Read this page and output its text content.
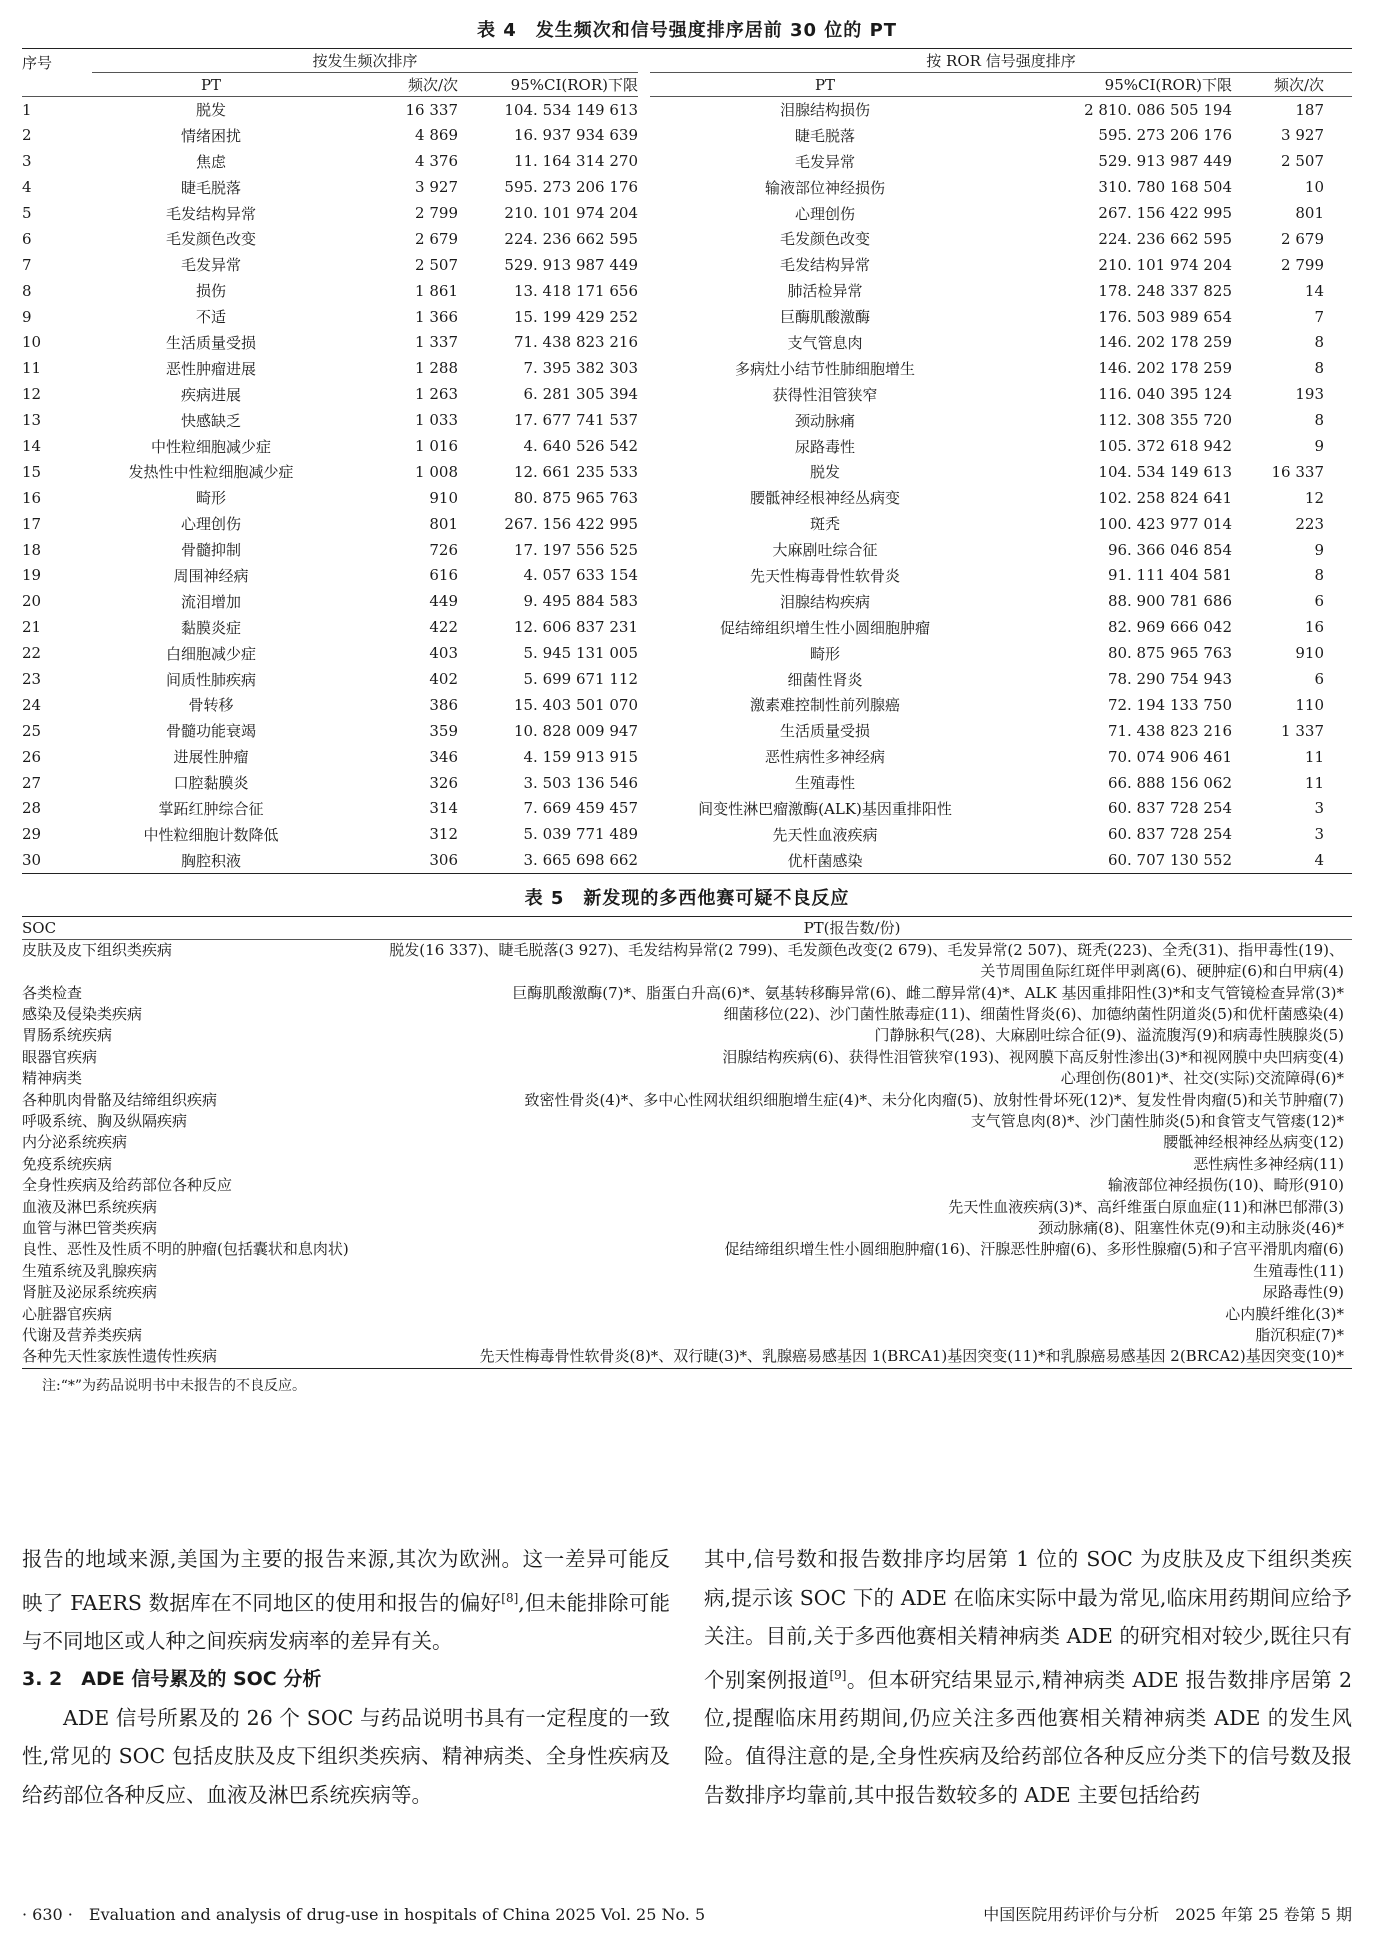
表 4　发生频次和信号强度排序居前 30 位的 PT
序号	按发生频次排序				按 ROR 信号强度排序		
	PT	频次/次	95%CI(ROR)下限		PT	95%CI(ROR)下限	频次/次
1	脱发	16 337	104. 534 149 613		泪腺结构损伤	2 810. 086 505 194	187
2	情绪困扰	4 869	16. 937 934 639		睫毛脱落	595. 273 206 176	3 927
3	焦虑	4 376	11. 164 314 270		毛发异常	529. 913 987 449	2 507
4	睫毛脱落	3 927	595. 273 206 176		输液部位神经损伤	310. 780 168 504	10
5	毛发结构异常	2 799	210. 101 974 204		心理创伤	267. 156 422 995	801
6	毛发颜色改变	2 679	224. 236 662 595		毛发颜色改变	224. 236 662 595	2 679
7	毛发异常	2 507	529. 913 987 449		毛发结构异常	210. 101 974 204	2 799
8	损伤	1 861	13. 418 171 656		肺活检异常	178. 248 337 825	14
9	不适	1 366	15. 199 429 252		巨酶肌酸激酶	176. 503 989 654	7
10	生活质量受损	1 337	71. 438 823 216		支气管息肉	146. 202 178 259	8
11	恶性肿瘤进展	1 288	7. 395 382 303		多病灶小结节性肺细胞增生	146. 202 178 259	8
12	疾病进展	1 263	6. 281 305 394		获得性泪管狭窄	116. 040 395 124	193
13	快感缺乏	1 033	17. 677 741 537		颈动脉痛	112. 308 355 720	8
14	中性粒细胞减少症	1 016	4. 640 526 542		尿路毒性	105. 372 618 942	9
15	发热性中性粒细胞减少症	1 008	12. 661 235 533		脱发	104. 534 149 613	16 337
16	畸形	910	80. 875 965 763		腰骶神经根神经丛病变	102. 258 824 641	12
17	心理创伤	801	267. 156 422 995		斑秃	100. 423 977 014	223
18	骨髓抑制	726	17. 197 556 525		大麻剧吐综合征	96. 366 046 854	9
19	周围神经病	616	4. 057 633 154		先天性梅毒骨性软骨炎	91. 111 404 581	8
20	流泪增加	449	9. 495 884 583		泪腺结构疾病	88. 900 781 686	6
21	黏膜炎症	422	12. 606 837 231		促结缔组织增生性小圆细胞肿瘤	82. 969 666 042	16
22	白细胞减少症	403	5. 945 131 005		畸形	80. 875 965 763	910
23	间质性肺疾病	402	5. 699 671 112		细菌性肾炎	78. 290 754 943	6
24	骨转移	386	15. 403 501 070		激素难控制性前列腺癌	72. 194 133 750	110
25	骨髓功能衰竭	359	10. 828 009 947		生活质量受损	71. 438 823 216	1 337
26	进展性肿瘤	346	4. 159 913 915		恶性病性多神经病	70. 074 906 461	11
27	口腔黏膜炎	326	3. 503 136 546		生殖毒性	66. 888 156 062	11
28	掌跖红肿综合征	314	7. 669 459 457		间变性淋巴瘤激酶(ALK)基因重排阳性	60. 837 728 254	3
29	中性粒细胞计数降低	312	5. 039 771 489		先天性血液疾病	60. 837 728 254	3
30	胸腔积液	306	3. 665 698 662		优杆菌感染	60. 707 130 552	4
表 5　新发现的多西他赛可疑不良反应
SOC	PT(报告数/份)
皮肤及皮下组织类疾病	脱发(16 337)、睫毛脱落(3 927)、毛发结构异常(2 799)、毛发颜色改变(2 679)、毛发异常(2 507)、斑秃(223)、全秃(31)、指甲毒性(19)、
关节周围鱼际红斑伴甲剥离(6)、硬肿症(6)和白甲病(4)

各类检查	巨酶肌酸激酶(7)*、脂蛋白升高(6)*、氨基转移酶异常(6)、雌二醇异常(4)*、ALK 基因重排阳性(3)*和支气管镜检查异常(3)*

感染及侵染类疾病	细菌移位(22)、沙门菌性脓毒症(11)、细菌性肾炎(6)、加德纳菌性阴道炎(5)和优杆菌感染(4)

胃肠系统疾病	门静脉积气(28)、大麻剧吐综合征(9)、溢流腹泻(9)和病毒性胰腺炎(5)

眼器官疾病	泪腺结构疾病(6)、获得性泪管狭窄(193)、视网膜下高反射性渗出(3)*和视网膜中央凹病变(4)

精神病类	心理创伤(801)*、社交(实际)交流障碍(6)*

各种肌肉骨骼及结缔组织疾病	致密性骨炎(4)*、多中心性网状组织细胞增生症(4)*、未分化肉瘤(5)、放射性骨坏死(12)*、复发性骨肉瘤(5)和关节肿瘤(7)

呼吸系统、胸及纵隔疾病	支气管息肉(8)*、沙门菌性肺炎(5)和食管支气管瘘(12)*

内分泌系统疾病	腰骶神经根神经丛病变(12)

免疫系统疾病	恶性病性多神经病(11)

全身性疾病及给药部位各种反应	输液部位神经损伤(10)、畸形(910)

血液及淋巴系统疾病	先天性血液疾病(3)*、高纤维蛋白原血症(11)和淋巴郁滞(3)

血管与淋巴管类疾病	颈动脉痛(8)、阻塞性休克(9)和主动脉炎(46)*

良性、恶性及性质不明的肿瘤(包括囊状和息肉状)	促结缔组织增生性小圆细胞肿瘤(16)、汗腺恶性肿瘤(6)、多形性腺瘤(5)和子宫平滑肌肉瘤(6)

生殖系统及乳腺疾病	生殖毒性(11)

肾脏及泌尿系统疾病	尿路毒性(9)

心脏器官疾病	心内膜纤维化(3)*

代谢及营养类疾病	脂沉积症(7)*

各种先天性家族性遗传性疾病	先天性梅毒骨性软骨炎(8)*、双行睫(3)*、乳腺癌易感基因 1(BRCA1)基因突变(11)*和乳腺癌易感基因 2(BRCA2)基因突变(10)*
注:“*”为药品说明书中未报告的不良反应。

报告的地域来源,美国为主要的报告来源,其次为欧洲。这一差异可能反映了 FAERS 数据库在不同地区的使用和报告的偏好[8],但未能排除可能与不同地区或人种之间疾病发病率的差异有关。

3. 2　ADE 信号累及的 SOC 分析

ADE 信号所累及的 26 个 SOC 与药品说明书具有一定程度的一致性,常见的 SOC 包括皮肤及皮下组织类疾病、精神病类、全身性疾病及给药部位各种反应、血液及淋巴系统疾病等。

其中,信号数和报告数排序均居第 1 位的 SOC 为皮肤及皮下组织类疾病,提示该 SOC 下的 ADE 在临床实际中最为常见,临床用药期间应给予关注。目前,关于多西他赛相关精神病类 ADE 的研究相对较少,既往只有个别案例报道[9]。但本研究结果显示,精神病类 ADE 报告数排序居第 2 位,提醒临床用药期间,仍应关注多西他赛相关精神病类 ADE 的发生风险。值得注意的是,全身性疾病及给药部位各种反应分类下的信号数及报告数排序均靠前,其中报告数较多的 ADE 主要包括给药

· 630 ·　Evaluation and analysis of drug-use in hospitals of China 2025 Vol. 25 No. 5	中国医院用药评价与分析　2025 年第 25 卷第 5 期
